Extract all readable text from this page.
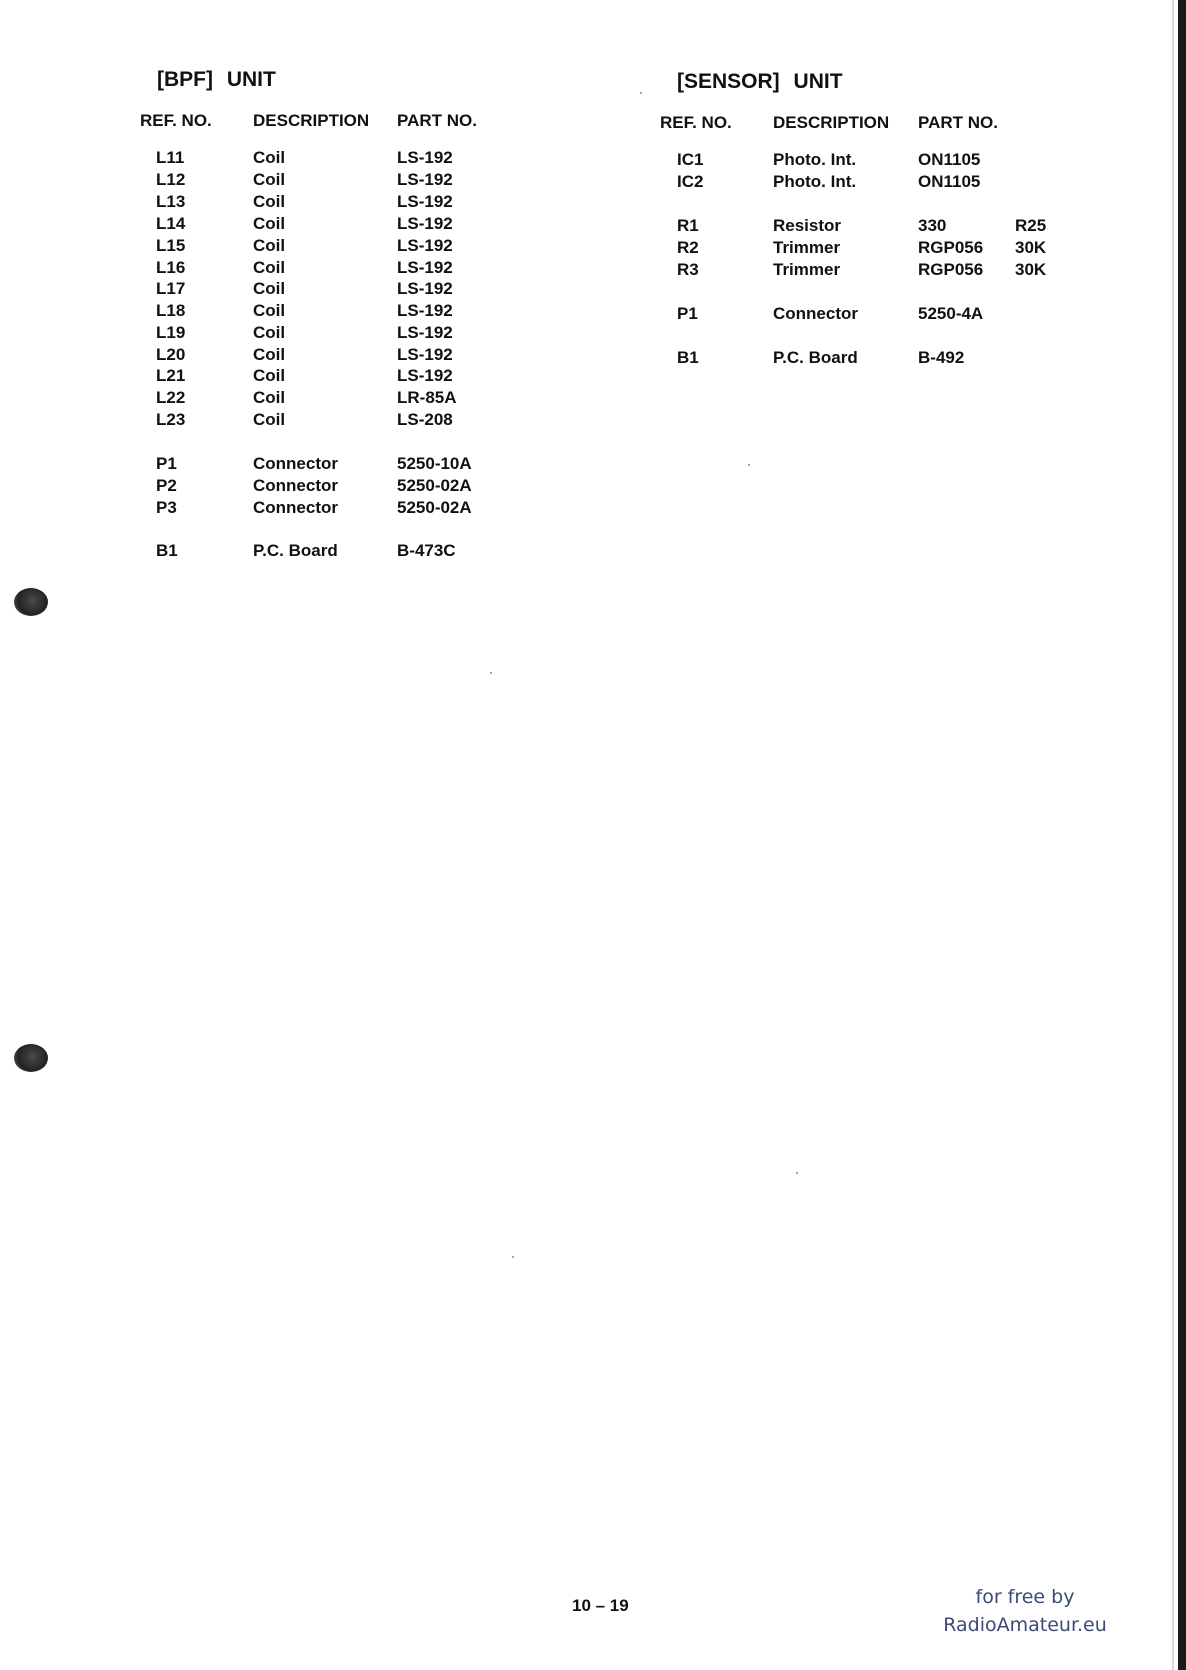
[BPF] UNIT
REF. NO. DESCRIPTION PART NO.
L11	Coil	LS-192
L12	Coil	LS-192
L13	Coil	LS-192
L14	Coil	LS-192
L15	Coil	LS-192
L16	Coil	LS-192
L17	Coil	LS-192
L18	Coil	LS-192
L19	Coil	LS-192
L20	Coil	LS-192
L21	Coil	LS-192
L22	Coil	LR-85A
L23	Coil	LS-208
P1	Connector	5250-10A
P2	Connector	5250-02A
P3	Connector	5250-02A
B1	P.C. Board	B-473C
[SENSOR] UNIT
REF. NO. DESCRIPTION PART NO.
IC1	Photo. Int.	ON1105
IC2	Photo. Int.	ON1105
R1	Resistor	330	R25
R2	Trimmer	RGP056 30K
R3	Trimmer	RGP056 30K
P1	Connector	5250-4A
B1	P.C. Board	B-492
10 – 19	for free by
RadioAmateur.eu
